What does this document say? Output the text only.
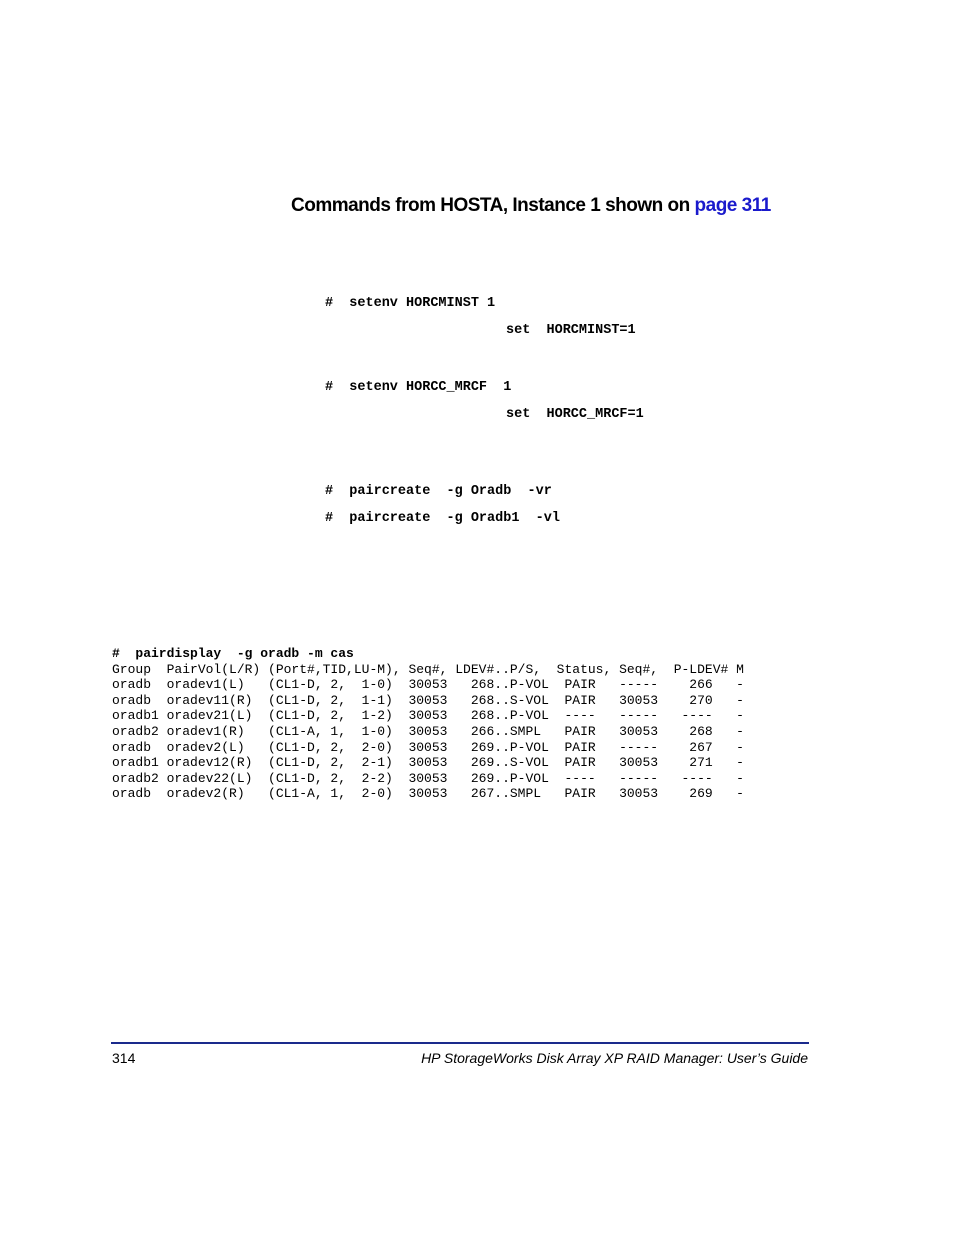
Commands from HOSTA, Instance 1 shown on page 311
#  setenv HORCMINST 1
set  HORCMINST=1
#  setenv HORCC_MRCF  1
set  HORCC_MRCF=1
#  paircreate  -g Oradb  -vr
#  paircreate  -g Oradb1  -vl
#  pairdisplay  -g oradb -m cas
Group  PairVol(L/R) (Port#,TID,LU-M), Seq#, LDEV#..P/S,  Status, Seq#,  P-LDEV# M
oradb  oradev1(L)   (CL1-D, 2,  1-0)  30053   268..P-VOL  PAIR   -----    266   -
oradb  oradev11(R)  (CL1-D, 2,  1-1)  30053   268..S-VOL  PAIR   30053    270   -
oradb1 oradev21(L)  (CL1-D, 2,  1-2)  30053   268..P-VOL  ----   -----   ----   -
oradb2 oradev1(R)   (CL1-A, 1,  1-0)  30053   266..SMPL   PAIR   30053    268   -
oradb  oradev2(L)   (CL1-D, 2,  2-0)  30053   269..P-VOL  PAIR   -----    267   -
oradb1 oradev12(R)  (CL1-D, 2,  2-1)  30053   269..S-VOL  PAIR   30053    271   -
oradb2 oradev22(L)  (CL1-D, 2,  2-2)  30053   269..P-VOL  ----   -----   ----   -
oradb  oradev2(R)   (CL1-A, 1,  2-0)  30053   267..SMPL   PAIR   30053    269   -
314	HP StorageWorks Disk Array XP RAID Manager: User’s Guide
